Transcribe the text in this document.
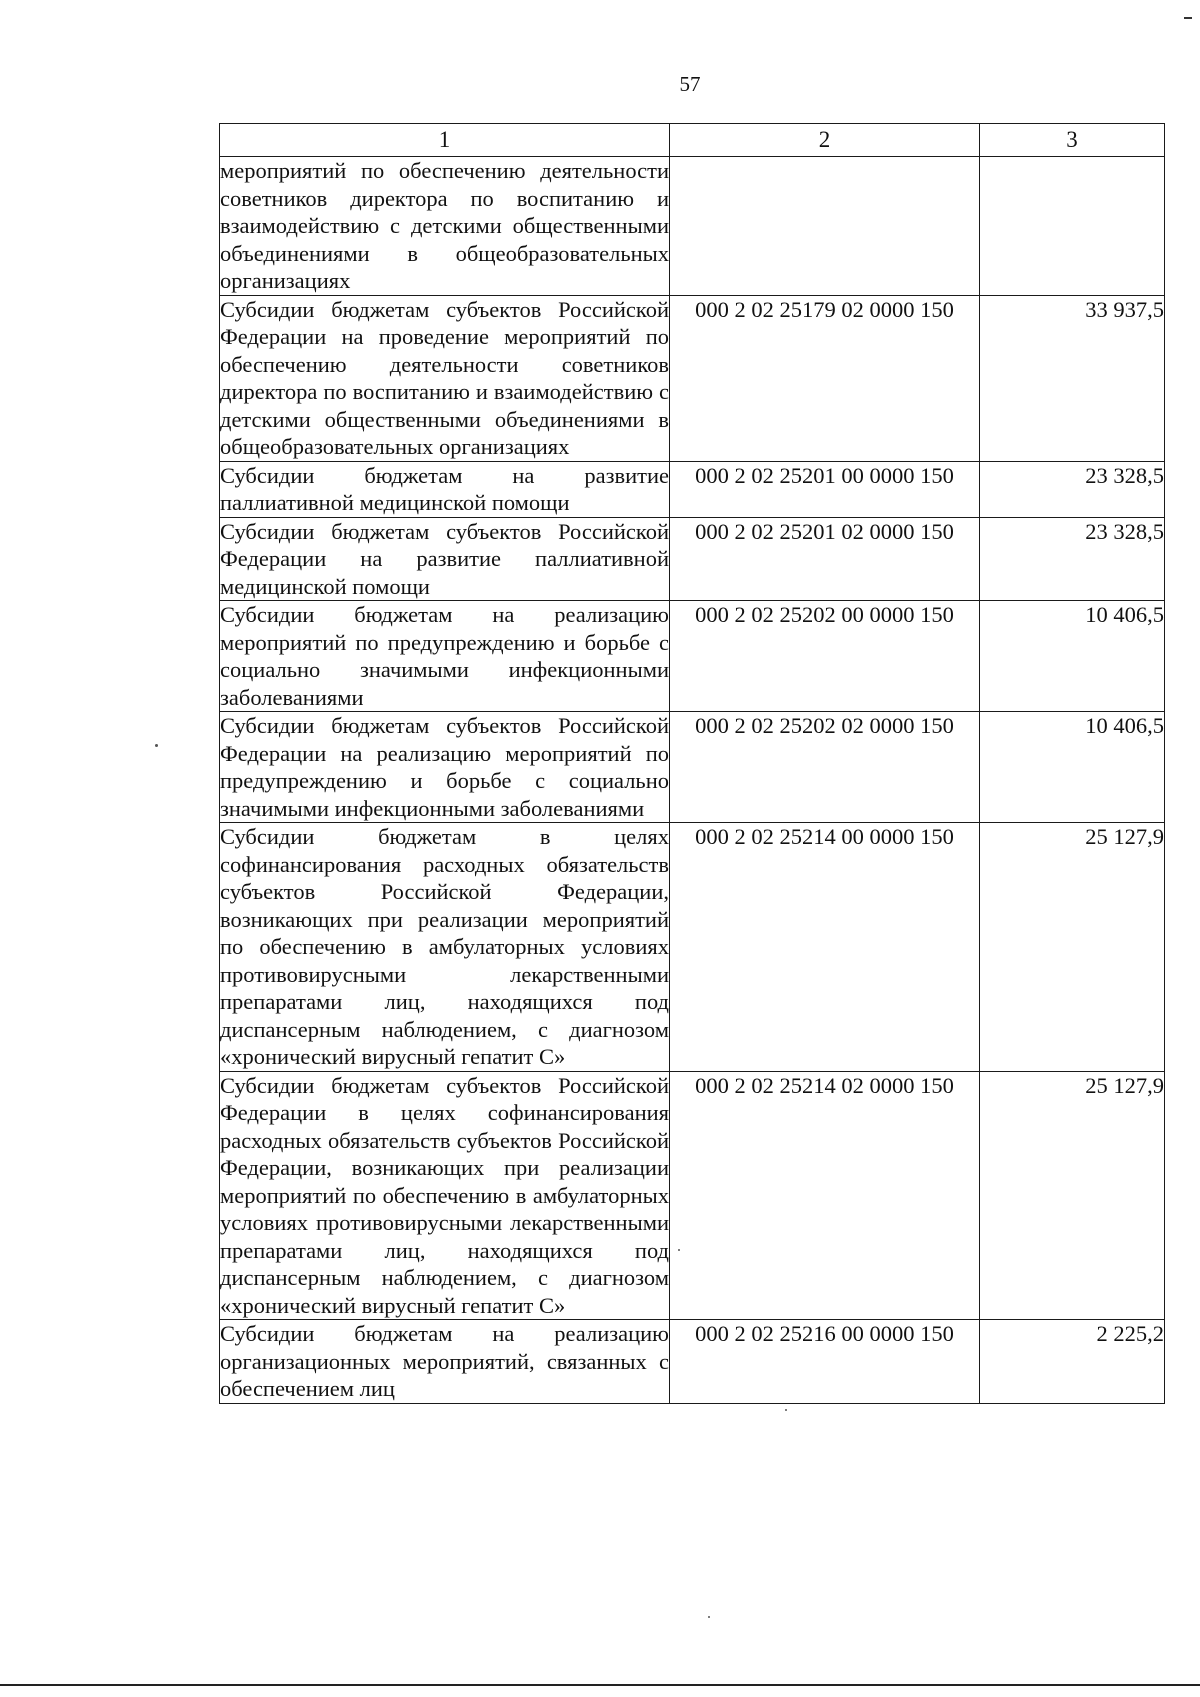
57
1	2	3
мероприятий по обеспечению деятельности советников директора по воспитанию и взаимодействию с детскими общественными объединениями в общеобразовательных организациях		
Субсидии бюджетам субъектов Российской Федерации на проведение мероприятий по обеспечению деятельности советников директора по воспитанию и взаимодействию с детскими общественными объединениями в общеобразовательных организациях	000 2 02 25179 02 0000 150	33 937,5
Субсидии бюджетам на развитие паллиативной медицинской помощи	000 2 02 25201 00 0000 150	23 328,5
Субсидии бюджетам субъектов Российской Федерации на развитие паллиативной медицинской помощи	000 2 02 25201 02 0000 150	23 328,5
Субсидии бюджетам на реализацию мероприятий по предупреждению и борьбе с социально значимыми инфекционными заболеваниями	000 2 02 25202 00 0000 150	10 406,5
Субсидии бюджетам субъектов Российской Федерации на реализацию мероприятий по предупреждению и борьбе с социально значимыми инфекционными заболеваниями	000 2 02 25202 02 0000 150	10 406,5
Субсидии бюджетам в целях софинансирования расходных обязательств субъектов Российской Федерации, возникающих при реализации мероприятий по обеспечению в амбулаторных условиях противовирусными лекарственными препаратами лиц, находящихся под диспансерным наблюдением, с диагнозом «хронический вирусный гепатит С»	000 2 02 25214 00 0000 150	25 127,9
Субсидии бюджетам субъектов Российской Федерации в целях софинансирования расходных обязательств субъектов Российской Федерации, возникающих при реализации мероприятий по обеспечению в амбулаторных условиях противовирусными лекарственными препаратами лиц, находящихся под диспансерным наблюдением, с диагнозом «хронический вирусный гепатит С»	000 2 02 25214 02 0000 150	25 127,9
Субсидии бюджетам на реализацию организационных мероприятий, связанных с обеспечением лиц	000 2 02 25216 00 0000 150	2 225,2
